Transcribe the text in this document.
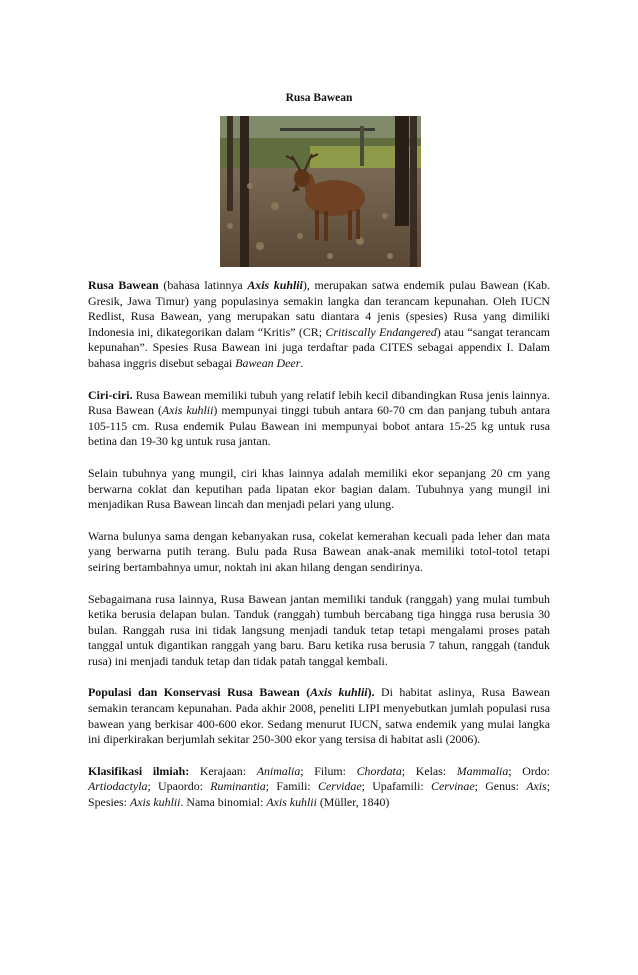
Rusa Bawean

Rusa Bawean (bahasa latinnya Axis kuhlii), merupakan satwa endemik pulau Bawean (Kab. Gresik, Jawa Timur) yang populasinya semakin langka dan terancam kepunahan. Oleh IUCN Redlist, Rusa Bawean, yang merupakan satu diantara 4 jenis (spesies) Rusa yang dimiliki Indonesia ini, dikategorikan dalam “Kritis” (CR; Critiscally Endangered) atau “sangat terancam kepunahan”. Spesies Rusa Bawean ini juga terdaftar pada CITES sebagai appendix I. Dalam bahasa inggris disebut sebagai Bawean Deer.

Ciri-ciri. Rusa Bawean memiliki tubuh yang relatif lebih kecil dibandingkan Rusa jenis lainnya. Rusa Bawean (Axis kuhlii) mempunyai tinggi tubuh antara 60-70 cm dan panjang tubuh antara 105-115 cm. Rusa endemik Pulau Bawean ini mempunyai bobot antara 15-25 kg untuk rusa betina dan 19-30 kg untuk rusa jantan.

Selain tubuhnya yang mungil, ciri khas lainnya adalah memiliki ekor sepanjang 20 cm yang berwarna coklat dan keputihan pada lipatan ekor bagian dalam. Tubuhnya yang mungil ini menjadikan Rusa Bawean lincah dan menjadi pelari yang ulung.

Warna bulunya sama dengan kebanyakan rusa, cokelat kemerahan kecuali pada leher dan mata yang berwarna putih terang. Bulu pada Rusa Bawean anak-anak memiliki totol-totol tetapi seiring bertambahnya umur, noktah ini akan hilang dengan sendirinya.

Sebagaimana rusa lainnya, Rusa Bawean jantan memiliki tanduk (ranggah) yang mulai tumbuh ketika berusia delapan bulan. Tanduk (ranggah) tumbuh bercabang tiga hingga rusa berusia 30 bulan. Ranggah rusa ini tidak langsung menjadi tanduk tetap tetapi mengalami proses patah tanggal untuk digantikan ranggah yang baru. Baru ketika rusa berusia 7 tahun, ranggah (tanduk rusa) ini menjadi tanduk tetap dan tidak patah tanggal kembali.

Populasi dan Konservasi Rusa Bawean (Axis kuhlii). Di habitat aslinya, Rusa Bawean semakin terancam kepunahan. Pada akhir 2008, peneliti LIPI menyebutkan jumlah populasi rusa bawean yang berkisar 400-600 ekor. Sedang menurut IUCN, satwa endemik yang mulai langka ini diperkirakan berjumlah sekitar 250-300 ekor yang tersisa di habitat asli (2006).

Klasifikasi ilmiah: Kerajaan: Animalia; Filum: Chordata; Kelas: Mammalia; Ordo: Artiodactyla; Upaordo: Ruminantia; Famili: Cervidae; Upafamili: Cervinae; Genus: Axis; Spesies: Axis kuhlii. Nama binomial: Axis kuhlii (Müller, 1840)
